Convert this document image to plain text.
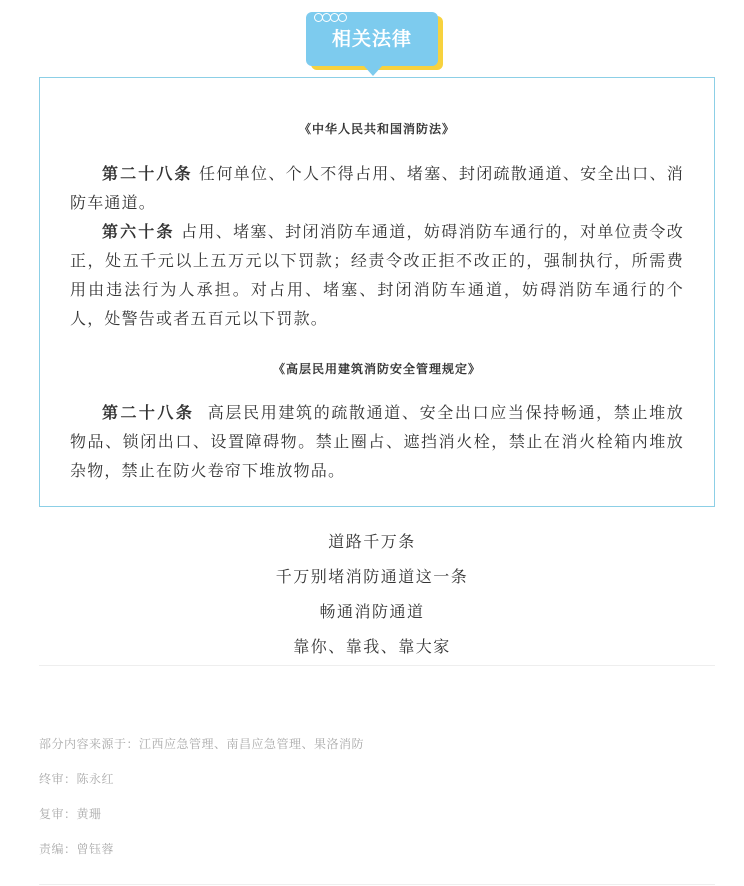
相关法律
《中华人民共和国消防法》

第二十八条 任何单位、个人不得占用、堵塞、封闭疏散通道、安全出口、消防车通道。

第六十条 占用、堵塞、封闭消防车通道，妨碍消防车通行的，对单位责令改正，处五千元以上五万元以下罚款；经责令改正拒不改正的，强制执行，所需费用由违法行为人承担。对占用、堵塞、封闭消防车通道，妨碍消防车通行的个人，处警告或者五百元以下罚款。

《高层民用建筑消防安全管理规定》

第二十八条  高层民用建筑的疏散通道、安全出口应当保持畅通，禁止堆放物品、锁闭出口、设置障碍物。禁止圈占、遮挡消火栓，禁止在消火栓箱内堆放杂物，禁止在防火卷帘下堆放物品。

道路千万条
千万别堵消防通道这一条
畅通消防通道
靠你、靠我、靠大家
部分内容来源于：江西应急管理、南昌应急管理、果洛消防
终审：陈永红
复审：黄珊
责编：曾钰蓉
